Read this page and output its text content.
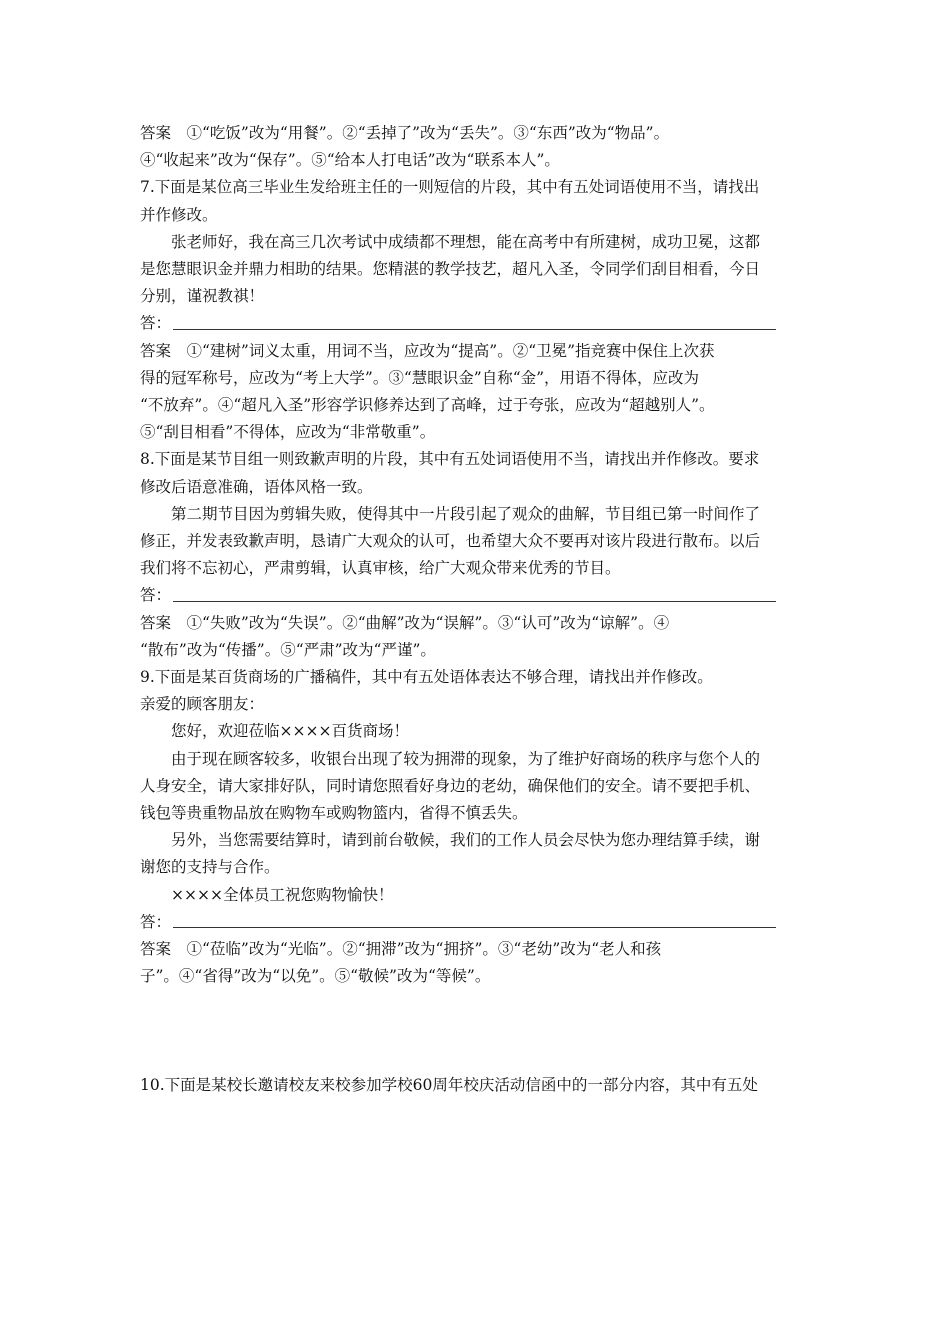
答案　①“吃饭”改为“用餐”。②“丢掉了”改为“丢失”。③“东西”改为“物品”。

④“收起来”改为“保存”。⑤“给本人打电话”改为“联系本人”。

7.下面是某位高三毕业生发给班主任的一则短信的片段，其中有五处词语使用不当，请找出

并作修改。

张老师好，我在高三几次考试中成绩都不理想，能在高考中有所建树，成功卫冕，这都

是您慧眼识金并鼎力相助的结果。您精湛的教学技艺，超凡入圣，令同学们刮目相看，今日

分别，谨祝教祺！

答：

答案　①“建树”词义太重，用词不当，应改为“提高”。②“卫冕”指竞赛中保住上次获

得的冠军称号，应改为“考上大学”。③“慧眼识金”自称“金”，用语不得体，应改为

“不放弃”。④“超凡入圣”形容学识修养达到了高峰，过于夸张，应改为“超越别人”。

⑤“刮目相看”不得体，应改为“非常敬重”。

8.下面是某节目组一则致歉声明的片段，其中有五处词语使用不当，请找出并作修改。要求

修改后语意准确，语体风格一致。

第二期节目因为剪辑失败，使得其中一片段引起了观众的曲解，节目组已第一时间作了

修正，并发表致歉声明，恳请广大观众的认可，也希望大众不要再对该片段进行散布。以后

我们将不忘初心，严肃剪辑，认真审核，给广大观众带来优秀的节目。

答：

答案　①“失败”改为“失误”。②“曲解”改为“误解”。③“认可”改为“谅解”。④

“散布”改为“传播”。⑤“严肃”改为“严谨”。

9.下面是某百货商场的广播稿件，其中有五处语体表达不够合理，请找出并作修改。

亲爱的顾客朋友：

您好，欢迎莅临××××百货商场！

由于现在顾客较多，收银台出现了较为拥滞的现象，为了维护好商场的秩序与您个人的

人身安全，请大家排好队，同时请您照看好身边的老幼，确保他们的安全。请不要把手机、

钱包等贵重物品放在购物车或购物篮内，省得不慎丢失。

另外，当您需要结算时，请到前台敬候，我们的工作人员会尽快为您办理结算手续，谢

谢您的支持与合作。

××××全体员工祝您购物愉快！

答：

答案　①“莅临”改为“光临”。②“拥滞”改为“拥挤”。③“老幼”改为“老人和孩

子”。④“省得”改为“以免”。⑤“敬候”改为“等候”。

10.下面是某校长邀请校友来校参加学校60周年校庆活动信函中的一部分内容，其中有五处
